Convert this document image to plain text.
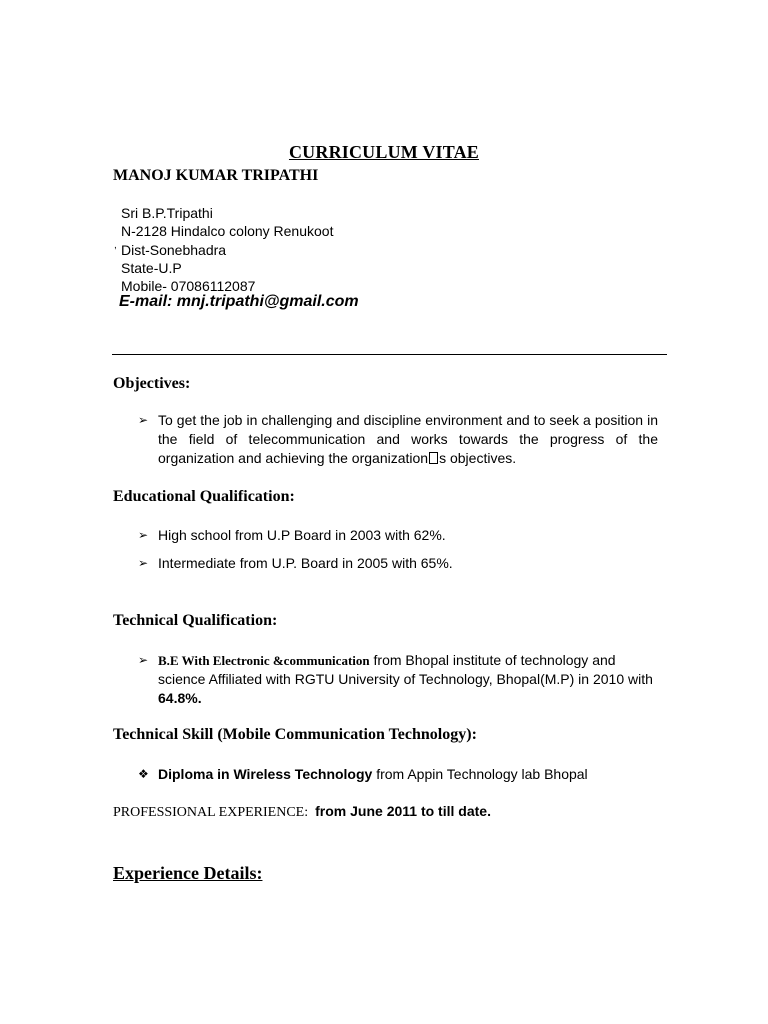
CURRICULUM VITAE
MANOJ KUMAR TRIPATHI
Sri B.P.Tripathi
N-2128 Hindalco colony Renukoot
Dist-Sonebhadra
State-U.P
Mobile- 07086112087
,
E-mail: mnj.tripathi@gmail.com
Objectives:
➢ To get the job in challenging and discipline environment and to seek a position in the field of telecommunication and works towards the progress of the organization and achieving the organization s objectives.
Educational Qualification:
➢ High school from U.P Board in 2003 with 62%.
➢ Intermediate from U.P. Board in 2005 with 65%.
Technical Qualification:
➢ B.E With Electronic &communication from Bhopal institute of technology and science Affiliated with RGTU University of Technology, Bhopal(M.P) in 2010 with 64.8%.
Technical Skill (Mobile Communication Technology):
❖ Diploma in Wireless Technology from Appin Technology lab Bhopal
PROFESSIONAL EXPERIENCE: from June 2011 to till date.
Experience Details:
